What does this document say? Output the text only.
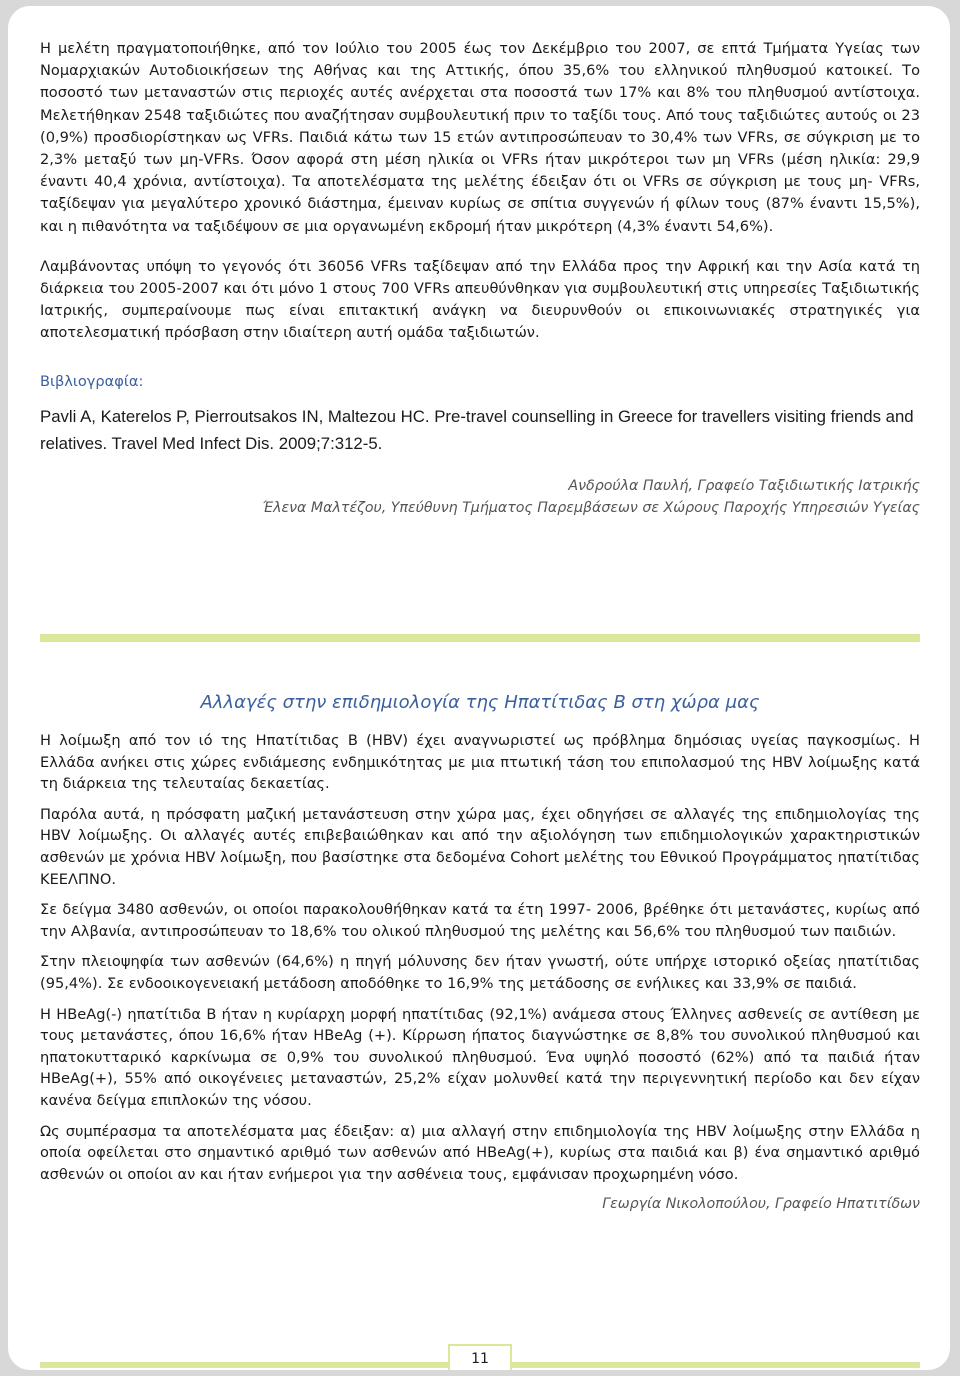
Η μελέτη πραγματοποιήθηκε, από τον Ιούλιο του 2005 έως τον Δεκέμβριο του 2007, σε επτά Τμήματα Υγείας των Νομαρχιακών Αυτοδιοικήσεων της Αθήνας και της Αττικής, όπου 35,6% του ελληνικού πληθυσμού κατοικεί. Το ποσοστό των μεταναστών στις περιοχές αυτές ανέρχεται στα ποσοστά των 17% και 8% του πληθυσμού αντίστοιχα. Μελετήθηκαν 2548 ταξιδιώτες που αναζήτησαν συμβουλευτική πριν το ταξίδι τους. Από τους ταξιδιώτες αυτούς οι 23 (0,9%) προσδιορίστηκαν ως VFRs. Παιδιά κάτω των 15 ετών αντιπροσώπευαν το 30,4% των VFRs, σε σύγκριση με το 2,3% μεταξύ των μη-VFRs. Όσον αφορά στη μέση ηλικία οι VFRs ήταν μικρότεροι των μη VFRs (μέση ηλικία: 29,9 έναντι 40,4 χρόνια, αντίστοιχα). Τα αποτελέσματα της μελέτης έδειξαν ότι οι VFRs σε σύγκριση με τους μη- VFRs, ταξίδεψαν για μεγαλύτερο χρονικό διάστημα, έμειναν κυρίως σε σπίτια συγγενών ή φίλων τους (87% έναντι 15,5%), και η πιθανότητα να ταξιδέψουν σε μια οργανωμένη εκδρομή ήταν μικρότερη (4,3% έναντι 54,6%).

Λαμβάνοντας υπόψη το γεγονός ότι 36056 VFRs ταξίδεψαν από την Ελλάδα προς την Αφρική και την Ασία κατά τη διάρκεια του 2005-2007 και ότι μόνο 1 στους 700 VFRs απευθύνθηκαν για συμβουλευτική στις υπηρεσίες Ταξιδιωτικής Ιατρικής, συμπεραίνουμε πως είναι επιτακτική ανάγκη να διευρυνθούν οι επικοινωνιακές στρατηγικές για αποτελεσματική πρόσβαση στην ιδιαίτερη αυτή ομάδα ταξιδιωτών.

Βιβλιογραφία:

Pavli A, Katerelos P, Pierroutsakos IN, Maltezou HC. Pre-travel counselling in Greece for travellers visiting friends and relatives. Travel Med Infect Dis. 2009;7:312-5.

Ανδρούλα Παυλή, Γραφείο Ταξιδιωτικής Ιατρικής
Έλενα Μαλτέζου, Υπεύθυνη Τμήματος Παρεμβάσεων σε Χώρους Παροχής Υπηρεσιών Υγείας
Αλλαγές στην επιδημιολογία της Ηπατίτιδας Β στη χώρα μας

Η λοίμωξη από τον ιό της Ηπατίτιδας Β (HBV) έχει αναγνωριστεί ως πρόβλημα δημόσιας υγείας παγκοσμίως. Η Ελλάδα ανήκει στις χώρες ενδιάμεσης ενδημικότητας με μια πτωτική τάση του επιπολασμού της HBV λοίμωξης κατά τη διάρκεια της τελευταίας δεκαετίας.

Παρόλα αυτά, η πρόσφατη μαζική μετανάστευση στην χώρα μας, έχει οδηγήσει σε αλλαγές της επιδημιολογίας της HBV λοίμωξης. Οι αλλαγές αυτές επιβεβαιώθηκαν και από την αξιολόγηση των επιδημιολογικών χαρακτηριστικών ασθενών με χρόνια HBV λοίμωξη, που βασίστηκε στα δεδομένα Cohort μελέτης του Εθνικού Προγράμματος ηπατίτιδας ΚΕΕΛΠΝΟ.

Σε δείγμα 3480 ασθενών, οι οποίοι παρακολουθήθηκαν κατά τα έτη 1997- 2006, βρέθηκε ότι μετανάστες, κυρίως από την Αλβανία, αντιπροσώπευαν το 18,6% του ολικού πληθυσμού της μελέτης και 56,6% του πληθυσμού των παιδιών.

Στην πλειοψηφία των ασθενών (64,6%) η πηγή μόλυνσης δεν ήταν γνωστή, ούτε υπήρχε ιστορικό οξείας ηπατίτιδας (95,4%). Σε ενδοοικογενειακή μετάδοση αποδόθηκε το 16,9% της μετάδοσης σε ενήλικες και 33,9% σε παιδιά.

Η HBeAg(-) ηπατίτιδα Β ήταν η κυρίαρχη μορφή ηπατίτιδας (92,1%) ανάμεσα στους Έλληνες ασθενείς σε αντίθεση με τους μετανάστες, όπου 16,6% ήταν HBeAg (+). Κίρρωση ήπατος διαγνώστηκε σε 8,8% του συνολικού πληθυσμού και ηπατοκυτταρικό καρκίνωμα σε 0,9% του συνολικού πληθυσμού. Ένα υψηλό ποσοστό (62%) από τα παιδιά ήταν HBeAg(+), 55% από οικογένειες μεταναστών, 25,2% είχαν μολυνθεί κατά την περιγεννητική περίοδο και δεν είχαν κανένα δείγμα επιπλοκών της νόσου.

Ως συμπέρασμα τα αποτελέσματα μας έδειξαν: α) μια αλλαγή στην επιδημιολογία της HBV λοίμωξης στην Ελλάδα η οποία οφείλεται στο σημαντικό αριθμό των ασθενών από HBeAg(+), κυρίως στα παιδιά και β) ένα σημαντικό αριθμό ασθενών οι οποίοι αν και ήταν ενήμεροι για την ασθένεια τους, εμφάνισαν προχωρημένη νόσο.

Γεωργία Νικολοπούλου, Γραφείο Ηπατιτίδων
11
